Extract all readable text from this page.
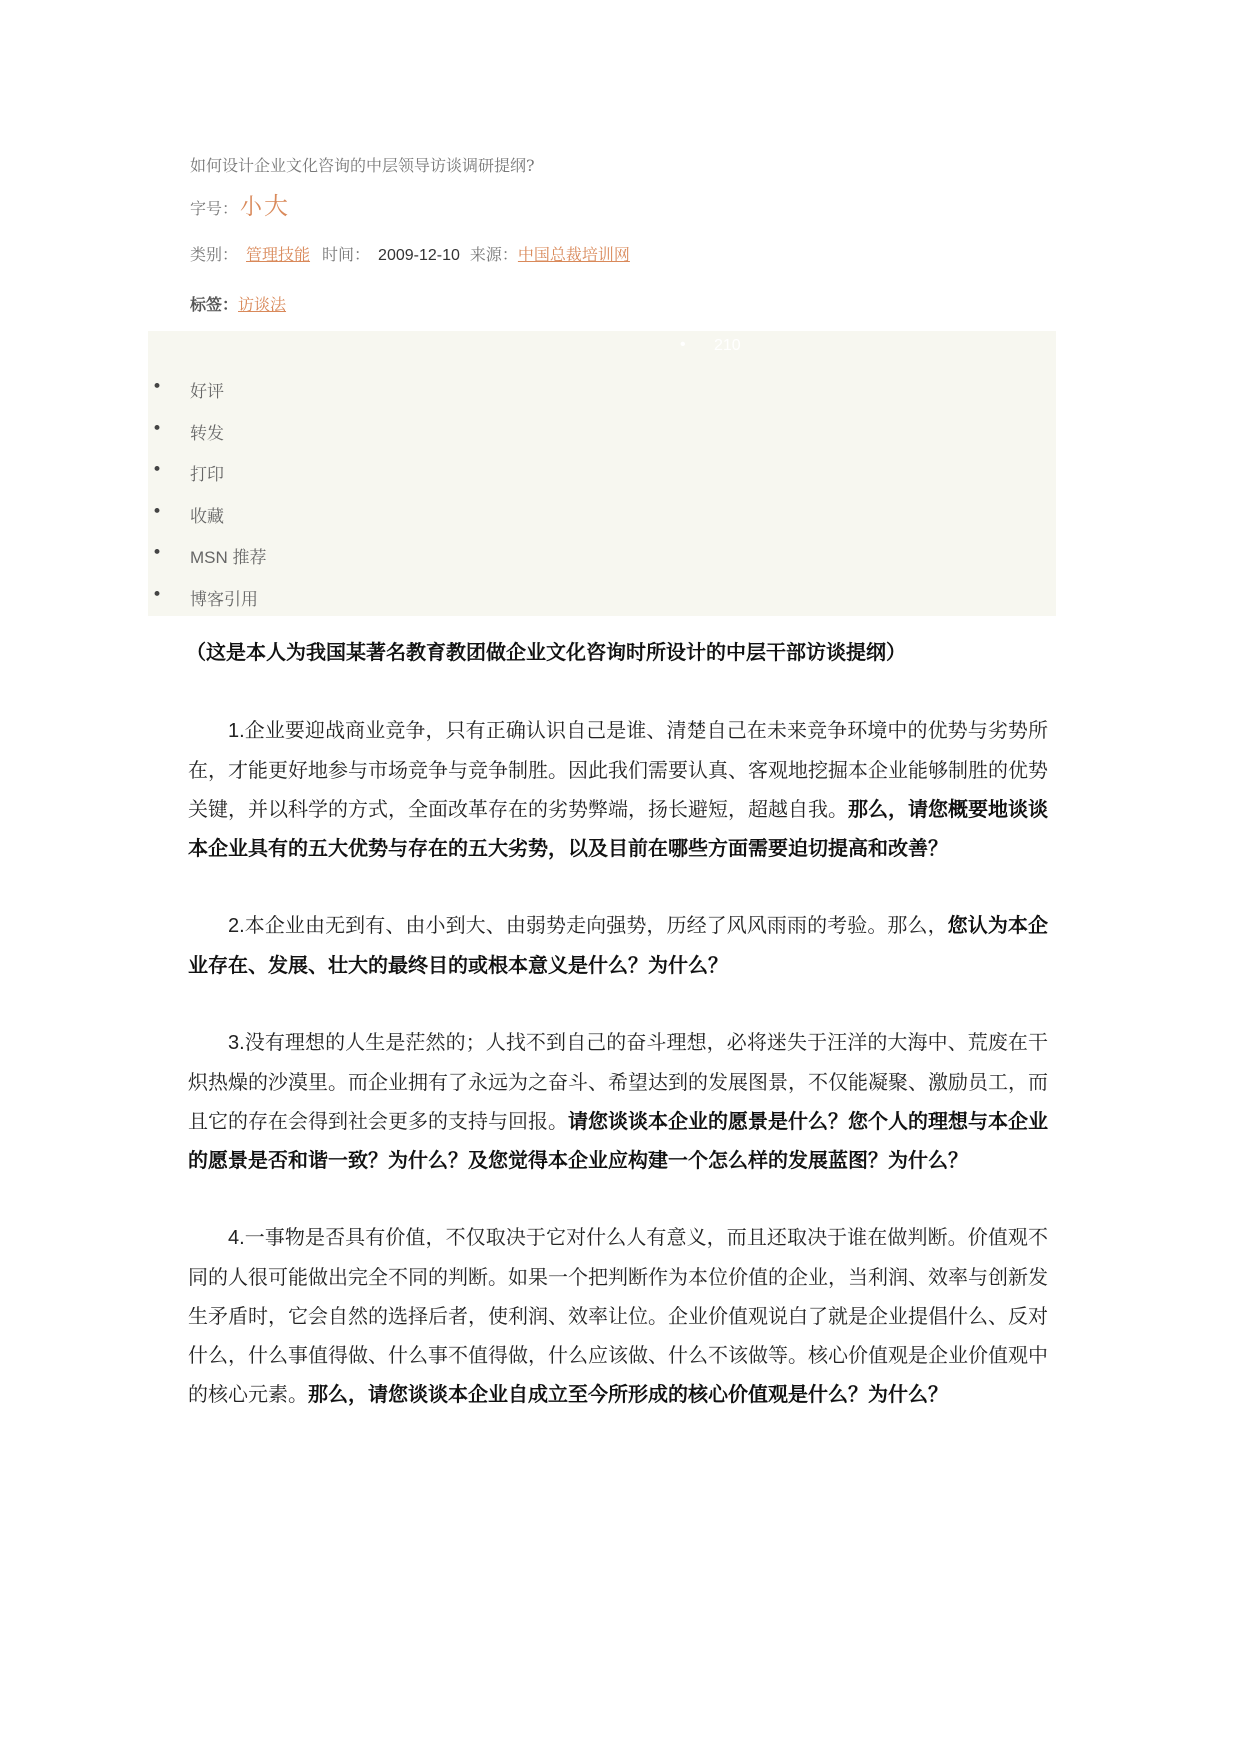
如何设计企业文化咨询的中层领导访谈调研提纲?
字号： 小 大
类别： 管理技能 时间： 2009-12-10 来源： 中国总裁培训网
标签： 访谈法
• 210
• 好评
• 转发
• 打印
• 收藏
• MSN 推荐
• 博客引用

（这是本人为我国某著名教育教团做企业文化咨询时所设计的中层干部访谈提纲）

1.企业要迎战商业竞争，只有正确认识自己是谁、清楚自己在未来竞争环境中的优势与劣势所在，才能更好地参与市场竞争与竞争制胜。因此我们需要认真、客观地挖掘本企业能够制胜的优势关键，并以科学的方式，全面改革存在的劣势弊端，扬长避短，超越自我。那么，请您概要地谈谈本企业具有的五大优势与存在的五大劣势，以及目前在哪些方面需要迫切提高和改善？

2.本企业由无到有、由小到大、由弱势走向强势，历经了风风雨雨的考验。那么，您认为本企业存在、发展、壮大的最终目的或根本意义是什么？为什么？

3.没有理想的人生是茫然的；人找不到自己的奋斗理想，必将迷失于汪洋的大海中、荒废在干炽热燥的沙漠里。而企业拥有了永远为之奋斗、希望达到的发展图景，不仅能凝聚、激励员工，而且它的存在会得到社会更多的支持与回报。请您谈谈本企业的愿景是什么？您个人的理想与本企业的愿景是否和谐一致？为什么？及您觉得本企业应构建一个怎么样的发展蓝图？为什么？

4.一事物是否具有价值，不仅取决于它对什么人有意义，而且还取决于谁在做判断。价值观不同的人很可能做出完全不同的判断。如果一个把判断作为本位价值的企业，当利润、效率与创新发生矛盾时，它会自然的选择后者，使利润、效率让位。企业价值观说白了就是企业提倡什么、反对什么，什么事值得做、什么事不值得做，什么应该做、什么不该做等。核心价值观是企业价值观中的核心元素。那么，请您谈谈本企业自成立至今所形成的核心价值观是什么？为什么？
